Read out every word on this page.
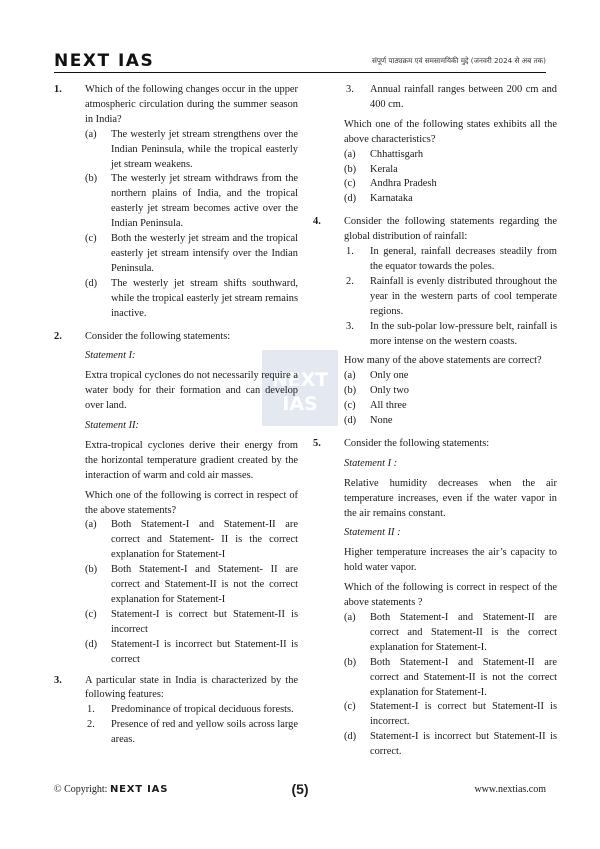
NEXT IAS	संपूर्ण पाठ्यक्रम एवं समसामयिकी मुद्दे (जनवरी 2024 से अब तक)
NEXT
IAS
1. Which of the following changes occur in the upper atmospheric circulation during the summer season in India?
(a) The westerly jet stream strengthens over the Indian Peninsula, while the tropical easterly jet stream weakens.
(b) The westerly jet stream withdraws from the northern plains of India, and the tropical easterly jet stream becomes active over the Indian Peninsula.
(c) Both the westerly jet stream and the tropical easterly jet stream intensify over the Indian Peninsula.
(d) The westerly jet stream shifts southward, while the tropical easterly jet stream remains inactive.
2. Consider the following statements:
Statement I:
Extra tropical cyclones do not necessarily require a water body for their formation and can develop over land.
Statement II:
Extra-tropical cyclones derive their energy from the horizontal temperature gradient created by the interaction of warm and cold air masses.
Which one of the following is correct in respect of the above statements?
(a) Both Statement-I and Statement-II are correct and Statement- II is the correct explanation for Statement-I
(b) Both Statement-I and Statement- II are correct and Statement-II is not the correct explanation for Statement-I
(c) Statement-I is correct but Statement-II is incorrect
(d) Statement-I is incorrect but Statement-II is correct
3. A particular state in India is characterized by the following features:
1. Predominance of tropical deciduous forests.
2. Presence of red and yellow soils across large areas.
3. Annual rainfall ranges between 200 cm and 400 cm.
Which one of the following states exhibits all the above characteristics?
(a) Chhattisgarh
(b) Kerala
(c) Andhra Pradesh
(d) Karnataka
4. Consider the following statements regarding the global distribution of rainfall:
1. In general, rainfall decreases steadily from the equator towards the poles.
2. Rainfall is evenly distributed throughout the year in the western parts of cool temperate regions.
3. In the sub-polar low-pressure belt, rainfall is more intense on the western coasts.
How many of the above statements are correct?
(a) Only one
(b) Only two
(c) All three
(d) None
5. Consider the following statements:
Statement I :
Relative humidity decreases when the air temperature increases, even if the water vapor in the air remains constant.
Statement II :
Higher temperature increases the air’s capacity to hold water vapor.
Which of the following is correct in respect of the above statements ?
(a) Both Statement-I and Statement-II are correct and Statement-II is the correct explanation for Statement-I.
(b) Both Statement-I and Statement-II are correct and Statement-II is not the correct explanation for Statement-I.
(c) Statement-I is correct but Statement-II is incorrect.
(d) Statement-I is incorrect but Statement-II is correct.
© Copyright: NEXT IAS	(5)	www.nextias.com
